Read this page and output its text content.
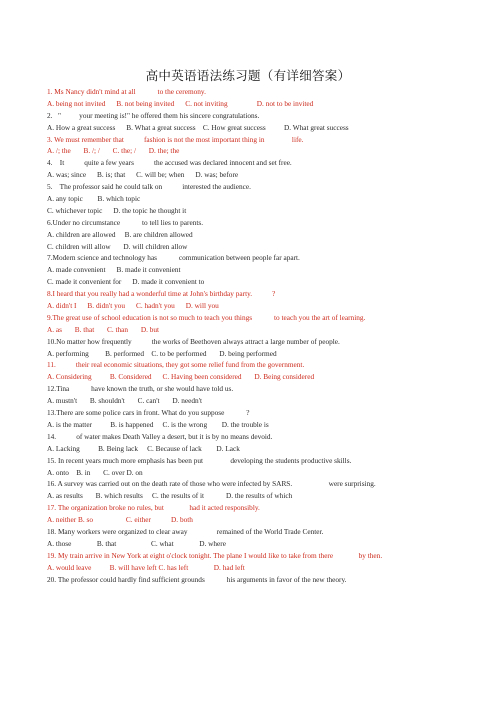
高中英语语法练习题（有详细答案）
1. Ms Nancy didn't mind at all            to the ceremony.
A. being not invited      B. not being invited      C. not inviting                D. not to be invited
2.   "          your meeting is!" he offered them his sincere congratulations.
A. How a great success      B. What a great success    C. How great success          D. What great success
3. We must remember that           fashion is not the most important thing in               life.
A. /; the       B. /; /       C. the; /       D. the; the
4.    It           quite a few years           the accused was declared innocent and set free.
A. was; since      B. is; that      C. will be; when      D. was; before
5.    The professor said he could talk on           interested the audience.
A. any topic        B. which topic
C. whichever topic      D. the topic he thought it
6.Under no circumstance            to tell lies to parents.
A. children are allowed     B. are children allowed
C. children will allow       D. will children allow
7.Modern science and technology has            communication between people far apart.
A. made convenient      B. made it convenient
C. made it convenient for      D. made it convenient to
8.I heard that you really had a wonderful time at John's birthday party.           ?
A. didn't I      B. didn't you      C. hadn't you      D. will you
9.The great use of school education is not so much to teach you things            to teach you the art of learning.
A. as       B. that       C. than       D. but
10.No matter how frequently           the works of Beethoven always attract a large number of people.
A. performing         B. performed    C. to be performed       D. being performed
11.           their real economic situations, they got some relief fund from the government.
A. Considering          B. Considered      C. Having been considered       D. Being considered
12.Tina            have known the truth, or she would have told us.
A. mustn't       B. shouldn't       C. can't       D. needn't
13.There are some police cars in front. What do you suppose            ?
A. is the matter          B. is happened     C. is the wrong        D. the trouble is
14.           of water makes Death Valley a desert, but it is by no means devoid.
A. Lacking          B. Being lack     C. Because of lack        D. Lack
15. In recent years much more emphasis has been put               developing the students productive skills.
A. onto    B. in       C. over D. on
16. A survey was carried out on the death rate of those who were infected by SARS.                    were surprising.
A. as results       B. which results     C. the results of it            D. the results of which
17. The organization broke no rules, but              had it acted responsibly.
A. neither B. so                  C. either           D. both
18. Many workers were organized to clear away                remained of the World Trade Center.
A. those              B. that                   C. what              D. where
19. My train arrive in New York at eight o'clock tonight. The plane I would like to take from there              by then.
A. would leave          B. will have left C. has left              D. had left
20. The professor could hardly find sufficient grounds            his arguments in favor of the new theory.
